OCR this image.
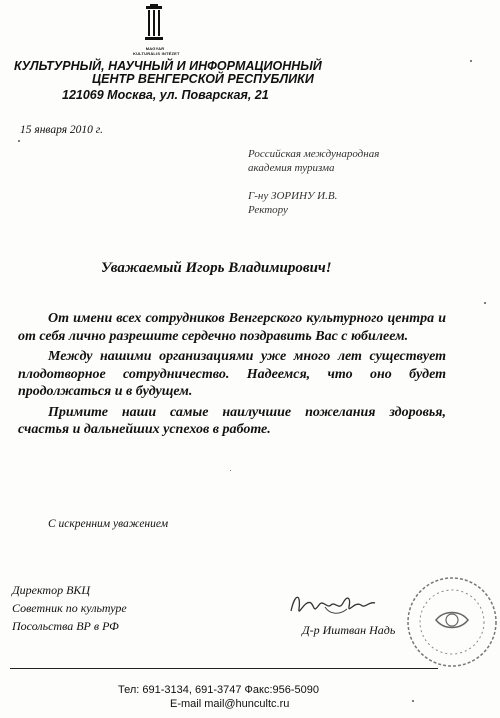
MAGYAR
KULTURÁLIS INTÉZET
КУЛЬТУРНЫЙ, НАУЧНЫЙ И ИНФОРМАЦИОННЫЙ
ЦЕНТР ВЕНГЕРСКОЙ РЕСПУБЛИКИ
121069 Москва, ул. Поварская, 21
15 января 2010 г.
Российская международная
академия туризма
Г-ну ЗОРИНУ И.В.
Ректору
Уважаемый Игорь Владимирович!

От имени всех сотрудников Венгерского культурного центра и от себя лично разрешите сердечно поздравить Вас с юбилеем.

Между нашими организациями уже много лет существует плодотворное сотрудничество. Надеемся, что оно будет продолжаться и в будущем.

Примите наши самые наилучшие пожелания здоровья, счастья и дальнейших успехов в работе.

С искренним уважением
Директор ВКЦ
Советник по культуре
Посольства ВР в РФ	Д-р Иштван Надь
Тел: 691-3134, 691-3747 Факс:956-5090
E-mail mail@hunc‍ultc.ru
